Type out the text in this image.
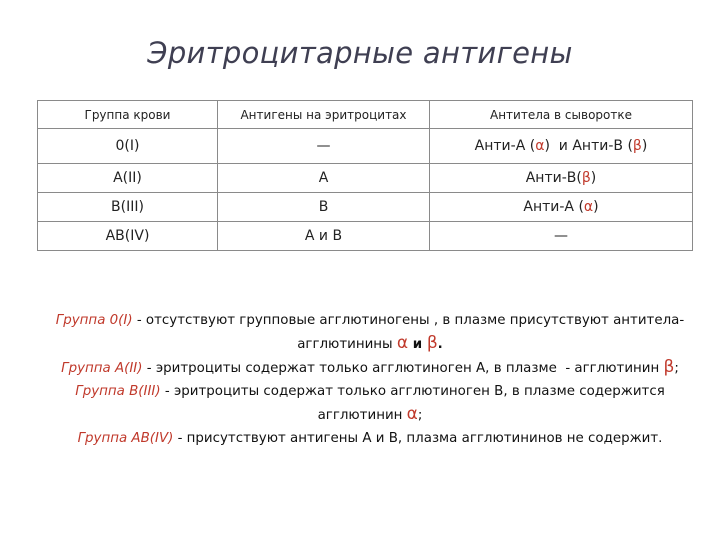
Эритроцитарные антигены
Группа крови	Антигены на эритроцитах	Антитела в сыворотке
0(I)	—	Анти-А (α)  и Анти-В (β)
A(II)	A	Анти-В(β)
B(III)	B	Анти-А (α)
AB(IV)	А и В	—
Группа 0(I) - отсутствуют групповые агглютиногены , в плазме присутствуют антитела-
агглютинины α и β.
Группа А(II) - эритроциты содержат только агглютиноген А, в плазме  - агглютинин β;
Группа В(III) - эритроциты содержат только агглютиноген В, в плазме содержится
агглютинин α;
Группа АВ(IV) - присутствуют антигены А и В, плазма агглютининов не содержит.
